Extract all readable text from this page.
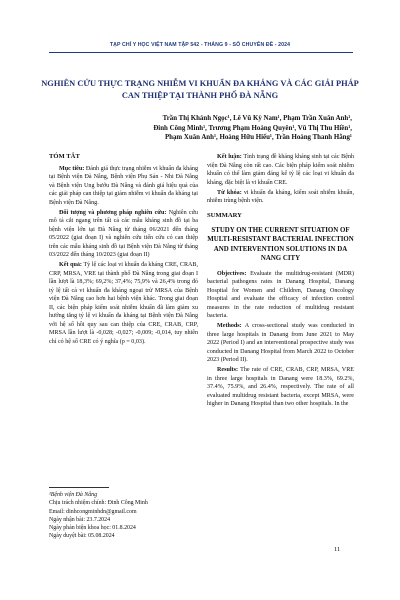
TẠP CHÍ Y HỌC VIỆT NAM TẬP 542 - THÁNG 9 - SỐ CHUYÊN ĐỀ - 2024
NGHIÊN CỨU THỰC TRẠNG NHIỄM VI KHUẨN ĐA KHÁNG VÀ CÁC GIẢI PHÁP CAN THIỆP TẠI THÀNH PHỐ ĐÀ NẴNG
Trần Thị Khánh Ngọc¹, Lê Vũ Kỳ Nam¹, Phạm Trần Xuân Anh¹,
Đinh Công Minh¹, Trương Phạm Hoàng Quyên¹, Vũ Thị Thu Hiền¹,
Phạm Xuân Anh¹, Hoàng Hữu Hiếu¹, Trần Hoàng Thanh Hằng¹
TÓM TẮT

Mục tiêu: Đánh giá thực trạng nhiễm vi khuẩn đa kháng tại Bệnh viện Đà Nẵng, Bệnh viện Phụ Sản - Nhi Đà Nẵng và Bệnh viện Ung bướu Đà Nẵng và đánh giá hiệu quả của các giải pháp can thiệp tại giảm nhiễm vi khuẩn đa kháng tại Bệnh viện Đà Nẵng.

Đối tượng và phương pháp nghiên cứu: Nghiên cứu mô tả cắt ngang trên tất cả các mẫu kháng sinh đồ tại ba bệnh viện lớn tại Đà Nẵng từ tháng 06/2021 đến tháng 05/2022 (giai đoạn I) và nghiên cứu tiến cứu có can thiệp trên các mẫu kháng sinh đồ tại Bệnh viện Đà Nẵng từ tháng 03/2022 đến tháng 10/2023 (giai đoạn II)

Kết quả: Tỷ lệ các loại vi khuẩn đa kháng CRE, CRAB, CRP, MRSA, VRE tại thành phố Đà Nẵng trong giai đoạn I lần lượt là 18,3%; 69,2%; 37,4%; 75,9% và 26,4% trong đó tỷ lệ tất cả vi khuẩn đa kháng ngoại trừ MRSA của Bệnh viện Đà Nẵng cao hơn hai bệnh viện khác. Trong giai đoạn II, các biện pháp kiểm soát nhiễm khuẩn đã làm giảm xu hướng tăng tỷ lệ vi khuẩn đa kháng tại Bệnh viện Đà Nẵng với hệ số hồi quy sau can thiệp của CRE, CRAB, CRP, MRSA lần lượt là -0,028; -0,027; -0,009; -0,014, tuy nhiên chỉ có hệ số CRE có ý nghĩa (p = 0,03).

Kết luận: Tình trạng đề kháng kháng sinh tại các Bệnh viện Đà Nẵng còn rất cao. Các biện pháp kiểm soát nhiễm khuẩn có thể làm giảm đáng kể tỷ lệ các loại vi khuẩn đa kháng, đặc biệt là vi khuẩn CRE.

Từ khóa: vi khuẩn đa kháng, kiểm soát nhiễm khuẩn, nhiễm trùng bệnh viện.

SUMMARY
STUDY ON THE CURRENT SITUATION OF MULTI-RESISTANT BACTERIAL INFECTION AND INTERVENTION SOLUTIONS IN DA NANG CITY

Objectives: Evaluate the multidrug-resistant (MDR) bacterial pathogens rates in Danang Hospital, Danang Hospital for Women and Children, Danang Oncology Hospital and evaluate the efficacy of infection control measures in the rate reduction of multidrug resistant bacteria.

Methods: A cross-sectional study was conducted in three large hospitals in Danang from June 2021 to May 2022 (Period I) and an interventional prospective study was conducted in Danang Hospital from March 2022 to October 2023 (Period II).

Results: The rate of CRE, CRAB, CRP, MRSA, VRE in three large hospitals in Danang were 18.3%, 69.2%, 37.4%, 75.9%, and 26.4%, respectively. The rate of all evaluated multidrug resistant bacteria, except MRSA, were higher in Danang Hospital than two other hospitals. In the

¹Bệnh viện Đà Nẵng
Chịu trách nhiệm chính: Đinh Công Minh
Email: dinhcongminhdn@gmail.com
Ngày nhận bài: 23.7.2024
Ngày phản biện khoa học: 01.8.2024
Ngày duyệt bài: 05.08.2024
11
